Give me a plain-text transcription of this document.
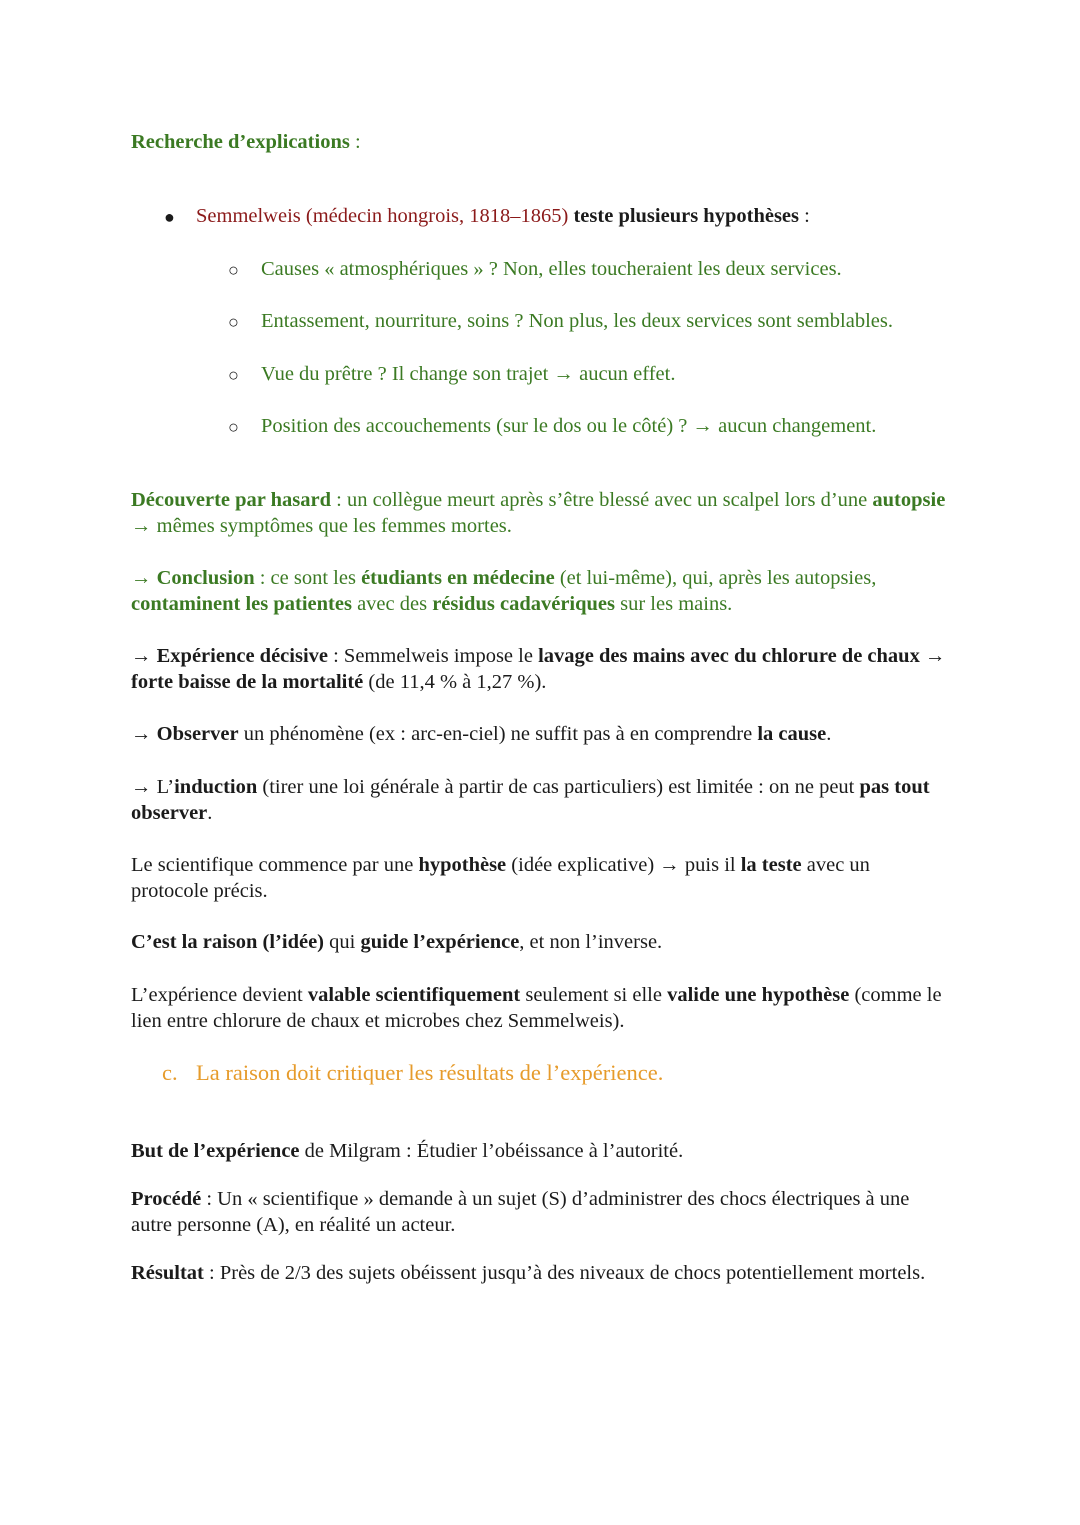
Recherche d’explications :

● Semmelweis (médecin hongrois, 1818–1865) teste plusieurs hypothèses :

○ Causes « atmosphériques » ? Non, elles toucheraient les deux services.

○ Entassement, nourriture, soins ? Non plus, les deux services sont semblables.

○ Vue du prêtre ? Il change son trajet → aucun effet.

○ Position des accouchements (sur le dos ou le côté) ? → aucun changement.

Découverte par hasard : un collègue meurt après s’être blessé avec un scalpel lors d’une autopsie → mêmes symptômes que les femmes mortes.

→ Conclusion : ce sont les étudiants en médecine (et lui-même), qui, après les autopsies, contaminent les patientes avec des résidus cadavériques sur les mains.

→ Expérience décisive : Semmelweis impose le lavage des mains avec du chlorure de chaux → forte baisse de la mortalité (de 11,4 % à 1,27 %).

→ Observer un phénomène (ex : arc-en-ciel) ne suffit pas à en comprendre la cause.

→ L’induction (tirer une loi générale à partir de cas particuliers) est limitée : on ne peut pas tout observer.

Le scientifique commence par une hypothèse (idée explicative) → puis il la teste avec un protocole précis.

C’est la raison (l’idée) qui guide l’expérience, et non l’inverse.

L’expérience devient valable scientifiquement seulement si elle valide une hypothèse (comme le lien entre chlorure de chaux et microbes chez Semmelweis).

c. La raison doit critiquer les résultats de l’expérience.

But de l’expérience de Milgram : Étudier l’obéissance à l’autorité.

Procédé : Un « scientifique » demande à un sujet (S) d’administrer des chocs électriques à une autre personne (A), en réalité un acteur.

Résultat : Près de 2/3 des sujets obéissent jusqu’à des niveaux de chocs potentiellement mortels.
